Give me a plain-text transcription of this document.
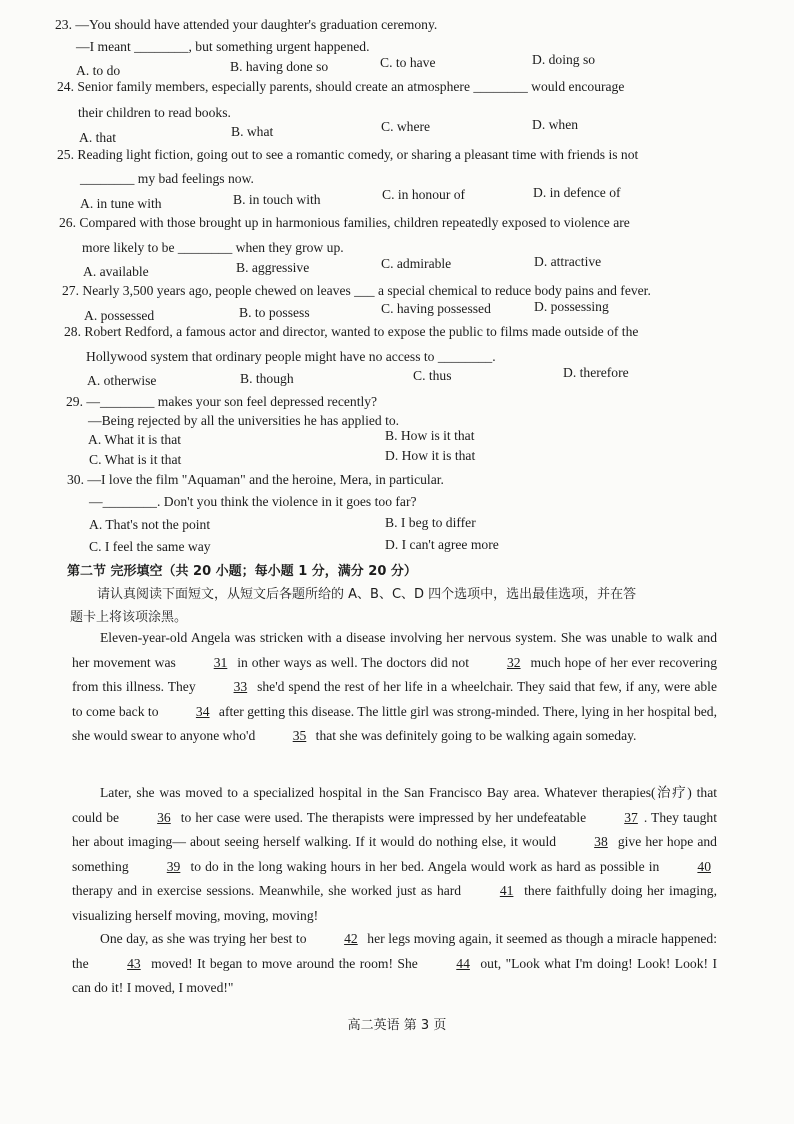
23. —You should have attended your daughter's graduation ceremony.
—I meant ________, but something urgent happened.
A. to do	B. having done so	C. to have	D. doing so
24. Senior family members, especially parents, should create an atmosphere ________ would encourage
their children to read books.
A. that	B. what	C. where	D. when
25. Reading light fiction, going out to see a romantic comedy, or sharing a pleasant time with friends is not
________ my bad feelings now.
A. in tune with	B. in touch with	C. in honour of	D. in defence of
26. Compared with those brought up in harmonious families, children repeatedly exposed to violence are
more likely to be ________ when they grow up.
A. available	B. aggressive	C. admirable	D. attractive
27. Nearly 3,500 years ago, people chewed on leaves ___ a special chemical to reduce body pains and fever.
A. possessed	B. to possess	C. having possessed	D. possessing
28. Robert Redford, a famous actor and director, wanted to expose the public to films made outside of the
Hollywood system that ordinary people might have no access to ________.
A. otherwise	B. though	C. thus	D. therefore
29. —________ makes your son feel depressed recently?
—Being rejected by all the universities he has applied to.
A. What it is that	B. How is it that
C. What is it that	D. How it is that
30. —I love the film "Aquaman" and the heroine, Mera, in particular.
—________. Don't you think the violence in it goes too far?
A. That's not the point	B. I beg to differ
C. I feel the same way	D. I can't agree more
第二节 完形填空（共 20 小题；每小题 1 分，满分 20 分）
请认真阅读下面短文，从短文后各题所给的 A、B、C、D 四个选项中，选出最佳选项，并在答
题卡上将该项涂黑。

Eleven-year-old Angela was stricken with a disease involving her nervous system. She was unable to walk and her movement was	31 in other ways as well. The doctors did not	32 much hope of her ever recovering from this illness. They	33 she'd spend the rest of her life in a wheelchair. They said that few, if any, were able to come back to	34 after getting this disease. The little girl was strong-minded. There, lying in her hospital bed, she would swear to anyone who'd	35 that she was definitely going to be walking again someday.

Later, she was moved to a specialized hospital in the San Francisco Bay area. Whatever therapies(治疗) that could be	36 to her case were used. The therapists were impressed by her undefeatable	37 . They taught her about imaging— about seeing herself walking. If it would do nothing else, it would	38 give her hope and something	39 to do in the long waking hours in her bed. Angela would work as hard as possible in	40 therapy and in exercise sessions. Meanwhile, she worked just as hard	41 there faithfully doing her imaging, visualizing herself moving, moving, moving!

One day, as she was trying her best to	42 her legs moving again, it seemed as though a miracle happened: the	43 moved! It began to move around the room! She	44 out, "Look what I'm doing! Look! Look! I can do it! I moved, I moved!"

高二英语 第 3 页
